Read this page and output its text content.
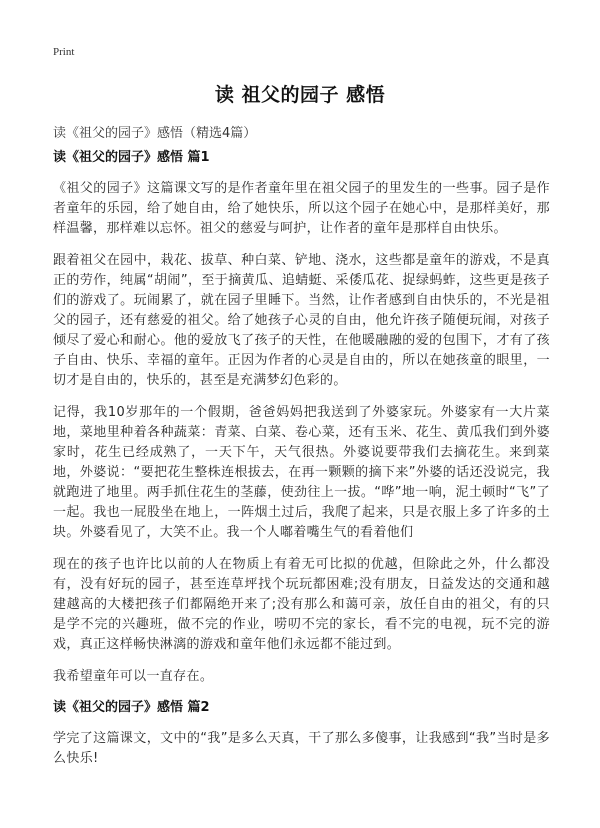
Print
读 祖父的园子 感悟
读《祖父的园子》感悟（精选4篇）
读《祖父的园子》感悟 篇1

《祖父的园子》这篇课文写的是作者童年里在祖父园子的里发生的一些事。园子是作者童年的乐园，给了她自由，给了她快乐，所以这个园子在她心中，是那样美好，那样温馨，那样难以忘怀。祖父的慈爱与呵护，让作者的童年是那样自由快乐。

跟着祖父在园中，栽花、拔草、种白菜、铲地、浇水，这些都是童年的游戏，不是真正的劳作，纯属“胡闹”，至于摘黄瓜、追蜻蜓、采倭瓜花、捉绿蚂蚱，这些更是孩子们的游戏了。玩闹累了，就在园子里睡下。当然，让作者感到自由快乐的，不光是祖父的园子，还有慈爱的祖父。给了她孩子心灵的自由，他允许孩子随便玩闹，对孩子倾尽了爱心和耐心。他的爱放飞了孩子的天性，在他暖融融的爱的包围下，才有了孩子自由、快乐、幸福的童年。正因为作者的心灵是自由的，所以在她孩童的眼里，一切才是自由的，快乐的，甚至是充满梦幻色彩的。

记得，我10岁那年的一个假期，爸爸妈妈把我送到了外婆家玩。外婆家有一大片菜地，菜地里种着各种蔬菜：青菜、白菜、卷心菜，还有玉米、花生、黄瓜我们到外婆家时，花生已经成熟了，一天下午，天气很热。外婆说要带我们去摘花生。来到菜地，外婆说：“要把花生整株连根拔去，在再一颗颗的摘下来”外婆的话还没说完，我就跑进了地里。两手抓住花生的茎藤，使劲往上一拔。“哗”地一响，泥土顿时“飞”了一起。我也一屁股坐在地上，一阵烟土过后，我爬了起来，只是衣服上多了许多的土块。外婆看见了，大笑不止。我一个人嘟着嘴生气的看着他们

现在的孩子也许比以前的人在物质上有着无可比拟的优越，但除此之外，什么都没有，没有好玩的园子，甚至连草坪找个玩玩都困难;没有朋友，日益发达的交通和越建越高的大楼把孩子们都隔绝开来了;没有那么和蔼可亲，放任自由的祖父，有的只是学不完的兴趣班，做不完的作业，唠叨不完的家长，看不完的电视，玩不完的游戏，真正这样畅快淋漓的游戏和童年他们永远都不能过到。

我希望童年可以一直存在。

读《祖父的园子》感悟 篇2

学完了这篇课文，文中的“我”是多么天真，干了那么多傻事，让我感到“我”当时是多么快乐!
